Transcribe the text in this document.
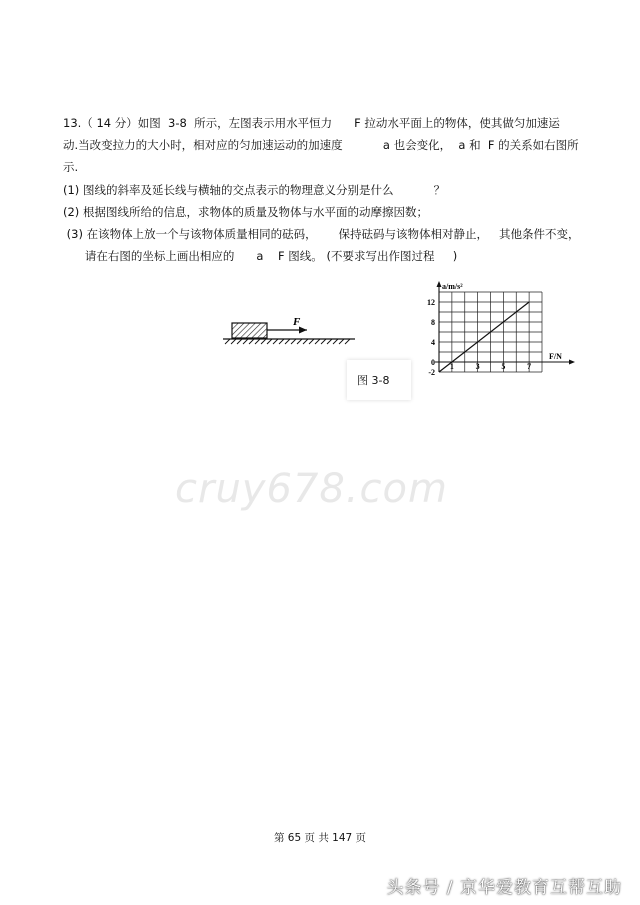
13.（ 14 分）如图  3-8  所示，左图表示用水平恒力      F 拉动水平面上的物体，使其做匀加速运
动.当改变拉力的大小时，相对应的匀加速运动的加速度           a 也会变化，  a 和  F 的关系如右图所
示.
(1) 图线的斜率及延长线与横轴的交点表示的物理意义分别是什么           ？
(2) 根据图线所给的信息，求物体的质量及物体与水平面的动摩擦因数；
(3) 在该物体上放一个与该物体质量相同的砝码，      保持砝码与该物体相对静止，   其他条件不变，
请在右图的坐标上画出相应的      a    F 图线。 (不要求写出作图过程     )
F
图 3-8
a/m/s²
F/N
12
8
4
0
-2
1	3	5	7
cruy678.com
第 65 页 共 147 页
头条号 / 京华爱教育互帮互助
